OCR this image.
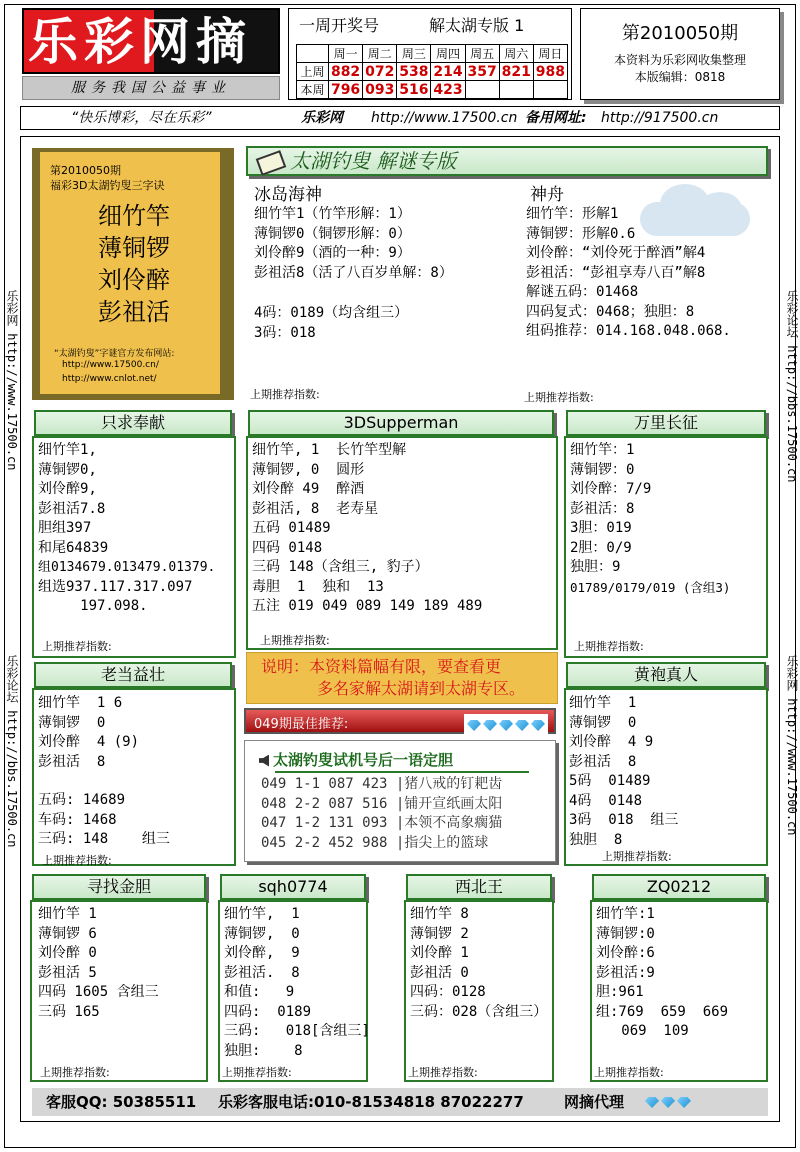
乐彩网摘
服务我国公益事业
一周开奖号	解太湖专版 1
	周一	周二	周三	周四	周五	周六	周日
上周	882	072	538	214	357	821	988
本周	796	093	516	423			
第2010050期
本资料为乐彩网收集整理
本版编辑：0818
“快乐博彩，尽在乐彩”	乐彩网 http://www.17500.cn 备用网址: http://917500.cn
乐彩网 http://www.17500.cn
乐彩论坛 http://bbs.17500.cn
乐彩论坛 http://bbs.17500.cn
乐彩网 http://www.17500.cn
第2010050期
福彩3D太湖钓叟三字诀
细竹竿
薄铜锣
刘伶醉
彭祖活
“太湖钓叟”字谜官方发布网站:
http://www.17500.cn/
http://www.cnlot.net/
太湖钓叟 解谜专版
冰岛海神
细竹竿1（竹竿形解：1）
薄铜锣0（铜锣形解：0）
刘伶醉9（酒的一种：9）
彭祖活8（活了八百岁单解：8）
4码：0189（均含组三）
3码：018
上期推荐指数:
神舟
细竹竿：形解1
薄铜锣：形解0.6
刘伶醉：“刘伶死于醉酒”解4
彭祖活：“彭祖享寿八百”解8
解谜五码：01468
四码复式：0468；独胆：8
组码推荐：014.168.048.068.
上期推荐指数:
只求奉献
细竹竿1,
薄铜锣0,
刘伶醉9,
彭祖活7.8
胆组397
和尾64839
组0134679.013479.01379.
组选937.117.317.097
197.098.
上期推荐指数:
3DSupperman
细竹竿, 1  长竹竿型解
薄铜锣, 0  圆形
刘伶醉 49  醉酒
彭祖活, 8  老寿星
五码 01489
四码 0148
三码 148（含组三, 豹子）
毒胆  1  独和  13
五注 019 049 089 149 189 489
上期推荐指数:
万里长征
细竹竿：1
薄铜锣：0
刘伶醉：7/9
彭祖活：8
3胆：019
2胆：0/9
独胆：9
01789/0179/019 (含组3)
上期推荐指数:
说明：本资料篇幅有限，要查看更
多名家解太湖请到太湖专区。
049期最佳推荐:
太湖钓叟试机号后一语定胆
049 1-1 087 423 |猪八戒的钉耙齿
048 2-2 087 516 |铺开宣纸画太阳
047 1-2 131 093 |本领不高象瘸猫
045 2-2 452 988 |指尖上的篮球
老当益壮
细竹竿  1 6
薄铜锣  0
刘伶醉  4 (9)
彭祖活  8
五码: 14689
车码: 1468
三码: 148    组三
上期推荐指数:
黄袍真人
细竹竿  1
薄铜锣  0
刘伶醉  4 9
彭祖活  8
5码  01489
4码  0148
3码  018  组三
独胆  8
上期推荐指数:
寻找金胆
细竹竿 1
薄铜锣 6
刘伶醉 0
彭祖活 5
四码 1605 含组三
三码 165
上期推荐指数:
sqh0774
细竹竿,  1
薄铜锣,  0
刘伶醉,  9
彭祖活.  8
和值:   9
四码:  0189
三码:   018[含组三]
独胆:    8
上期推荐指数:
西北王
细竹竿 8
薄铜锣 2
刘伶醉 1
彭祖活 0
四码：0128
三码：028（含组三）
上期推荐指数:
ZQ0212
细竹竿:1
薄铜锣:0
刘伶醉:6
彭祖活:9
胆:961
组:769  659  669
069  109
上期推荐指数:
客服QQ: 50385511 乐彩客服电话:010-81534818 87022277	网摘代理
